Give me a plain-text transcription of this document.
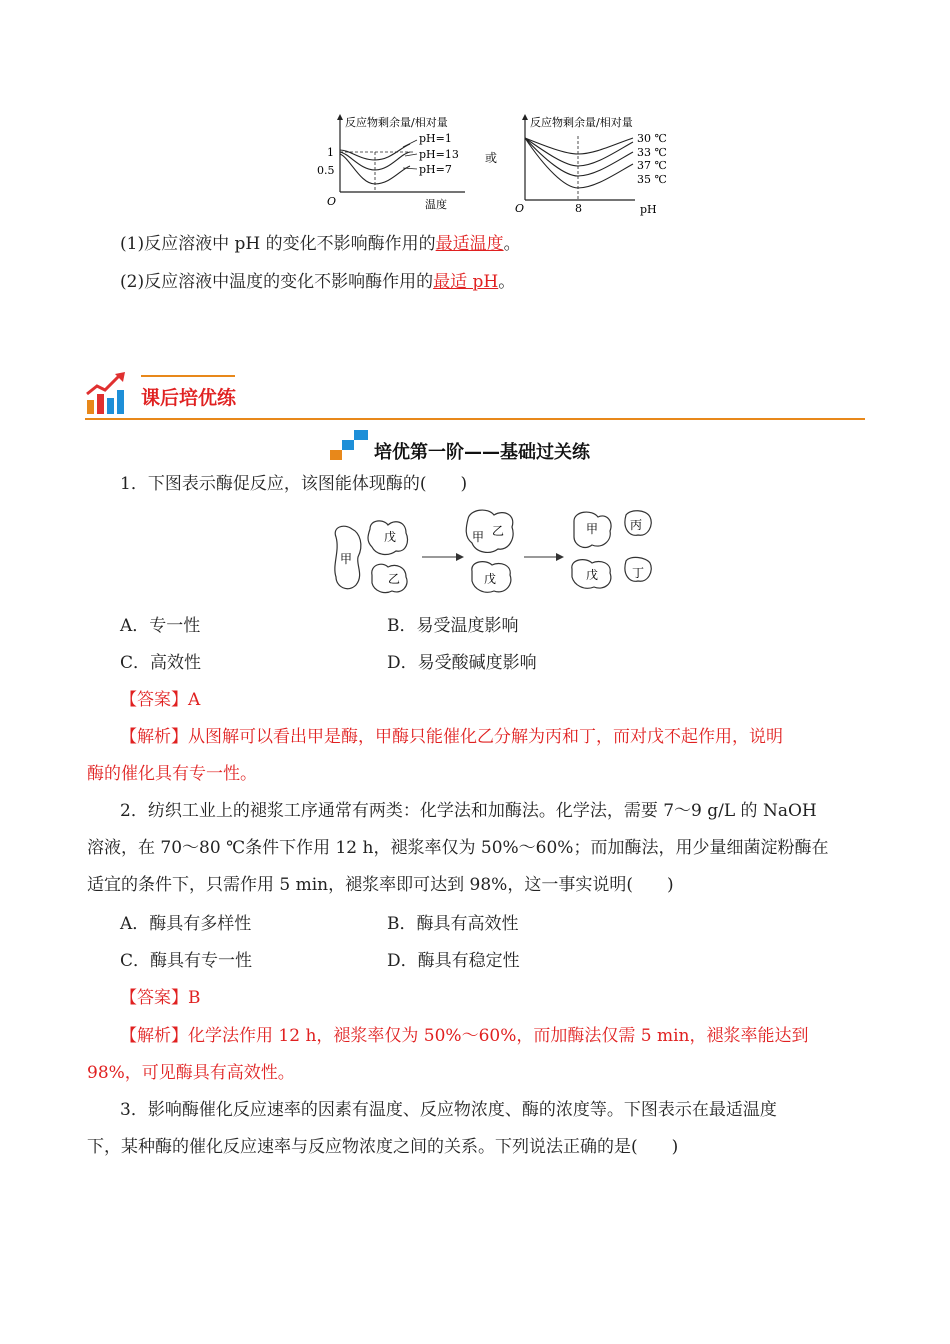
反应物剩余量/相对量
1
0.5
O	温度
pH=1
pH=13
pH=7
或
反应物剩余量/相对量
O	8	pH
30 ℃
33 ℃
37 ℃
35 ℃
(1)反应溶液中 pH 的变化不影响酶作用的最适温度。
(2)反应溶液中温度的变化不影响酶作用的最适 pH。
课后培优练
培优第一阶——基础过关练
1．下图表示酶促反应，该图能体现酶的(　　)
甲
戊
乙
甲 乙
戊
甲	丙
戊	丁
A．专一性	B．易受温度影响
C．高效性	D．易受酸碱度影响
【答案】A
【解析】从图解可以看出甲是酶，甲酶只能催化乙分解为丙和丁，而对戊不起作用，说明
酶的催化具有专一性。
2．纺织工业上的褪浆工序通常有两类：化学法和加酶法。化学法，需要 7～9 g/L 的 NaOH
溶液，在 70～80 ℃条件下作用 12 h，褪浆率仅为 50%～60%；而加酶法，用少量细菌淀粉酶在
适宜的条件下，只需作用 5 min，褪浆率即可达到 98%，这一事实说明(　　)
A．酶具有多样性	B．酶具有高效性
C．酶具有专一性	D．酶具有稳定性
【答案】B
【解析】化学法作用 12 h，褪浆率仅为 50%～60%，而加酶法仅需 5 min，褪浆率能达到
98%，可见酶具有高效性。
3．影响酶催化反应速率的因素有温度、反应物浓度、酶的浓度等。下图表示在最适温度
下，某种酶的催化反应速率与反应物浓度之间的关系。下列说法正确的是(　　)
